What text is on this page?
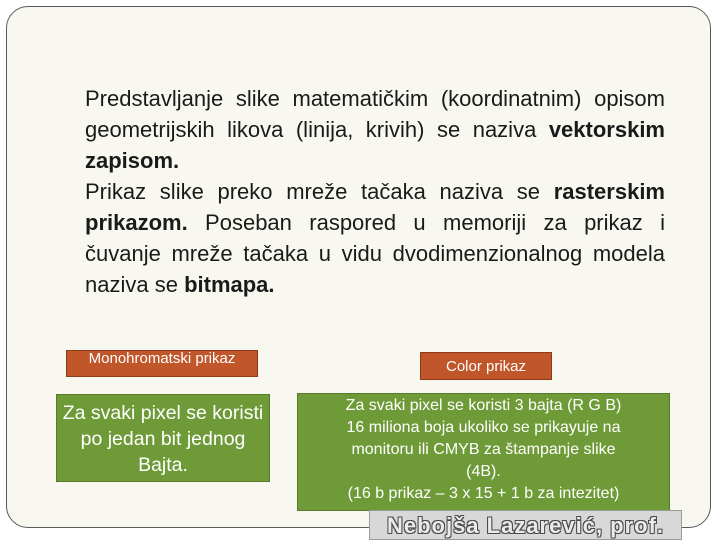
Predstavljanje slike matematičkim (koordinatnim) opisom geometrijskih likova (linija, krivih) se naziva vektorskim zapisom.
Prikaz slike preko mreže tačaka naziva se rasterskim prikazom. Poseban raspored u memoriji za prikaz i čuvanje mreže tačaka u vidu dvodimenzionalnog modela naziva se bitmapa.
Monohromatski prikaz	Color prikaz
Za svaki pixel se koristi po jedan bit jednog Bajta.
Za svaki pixel se koristi 3 bajta (R G B)
16 miliona boja ukoliko se prikayuje na
monitoru ili CMYB za štampanje slike
(4B).
(16 b prikaz – 3 x 15 + 1 b za intezitet)
Nebojša Lazarević, prof.
